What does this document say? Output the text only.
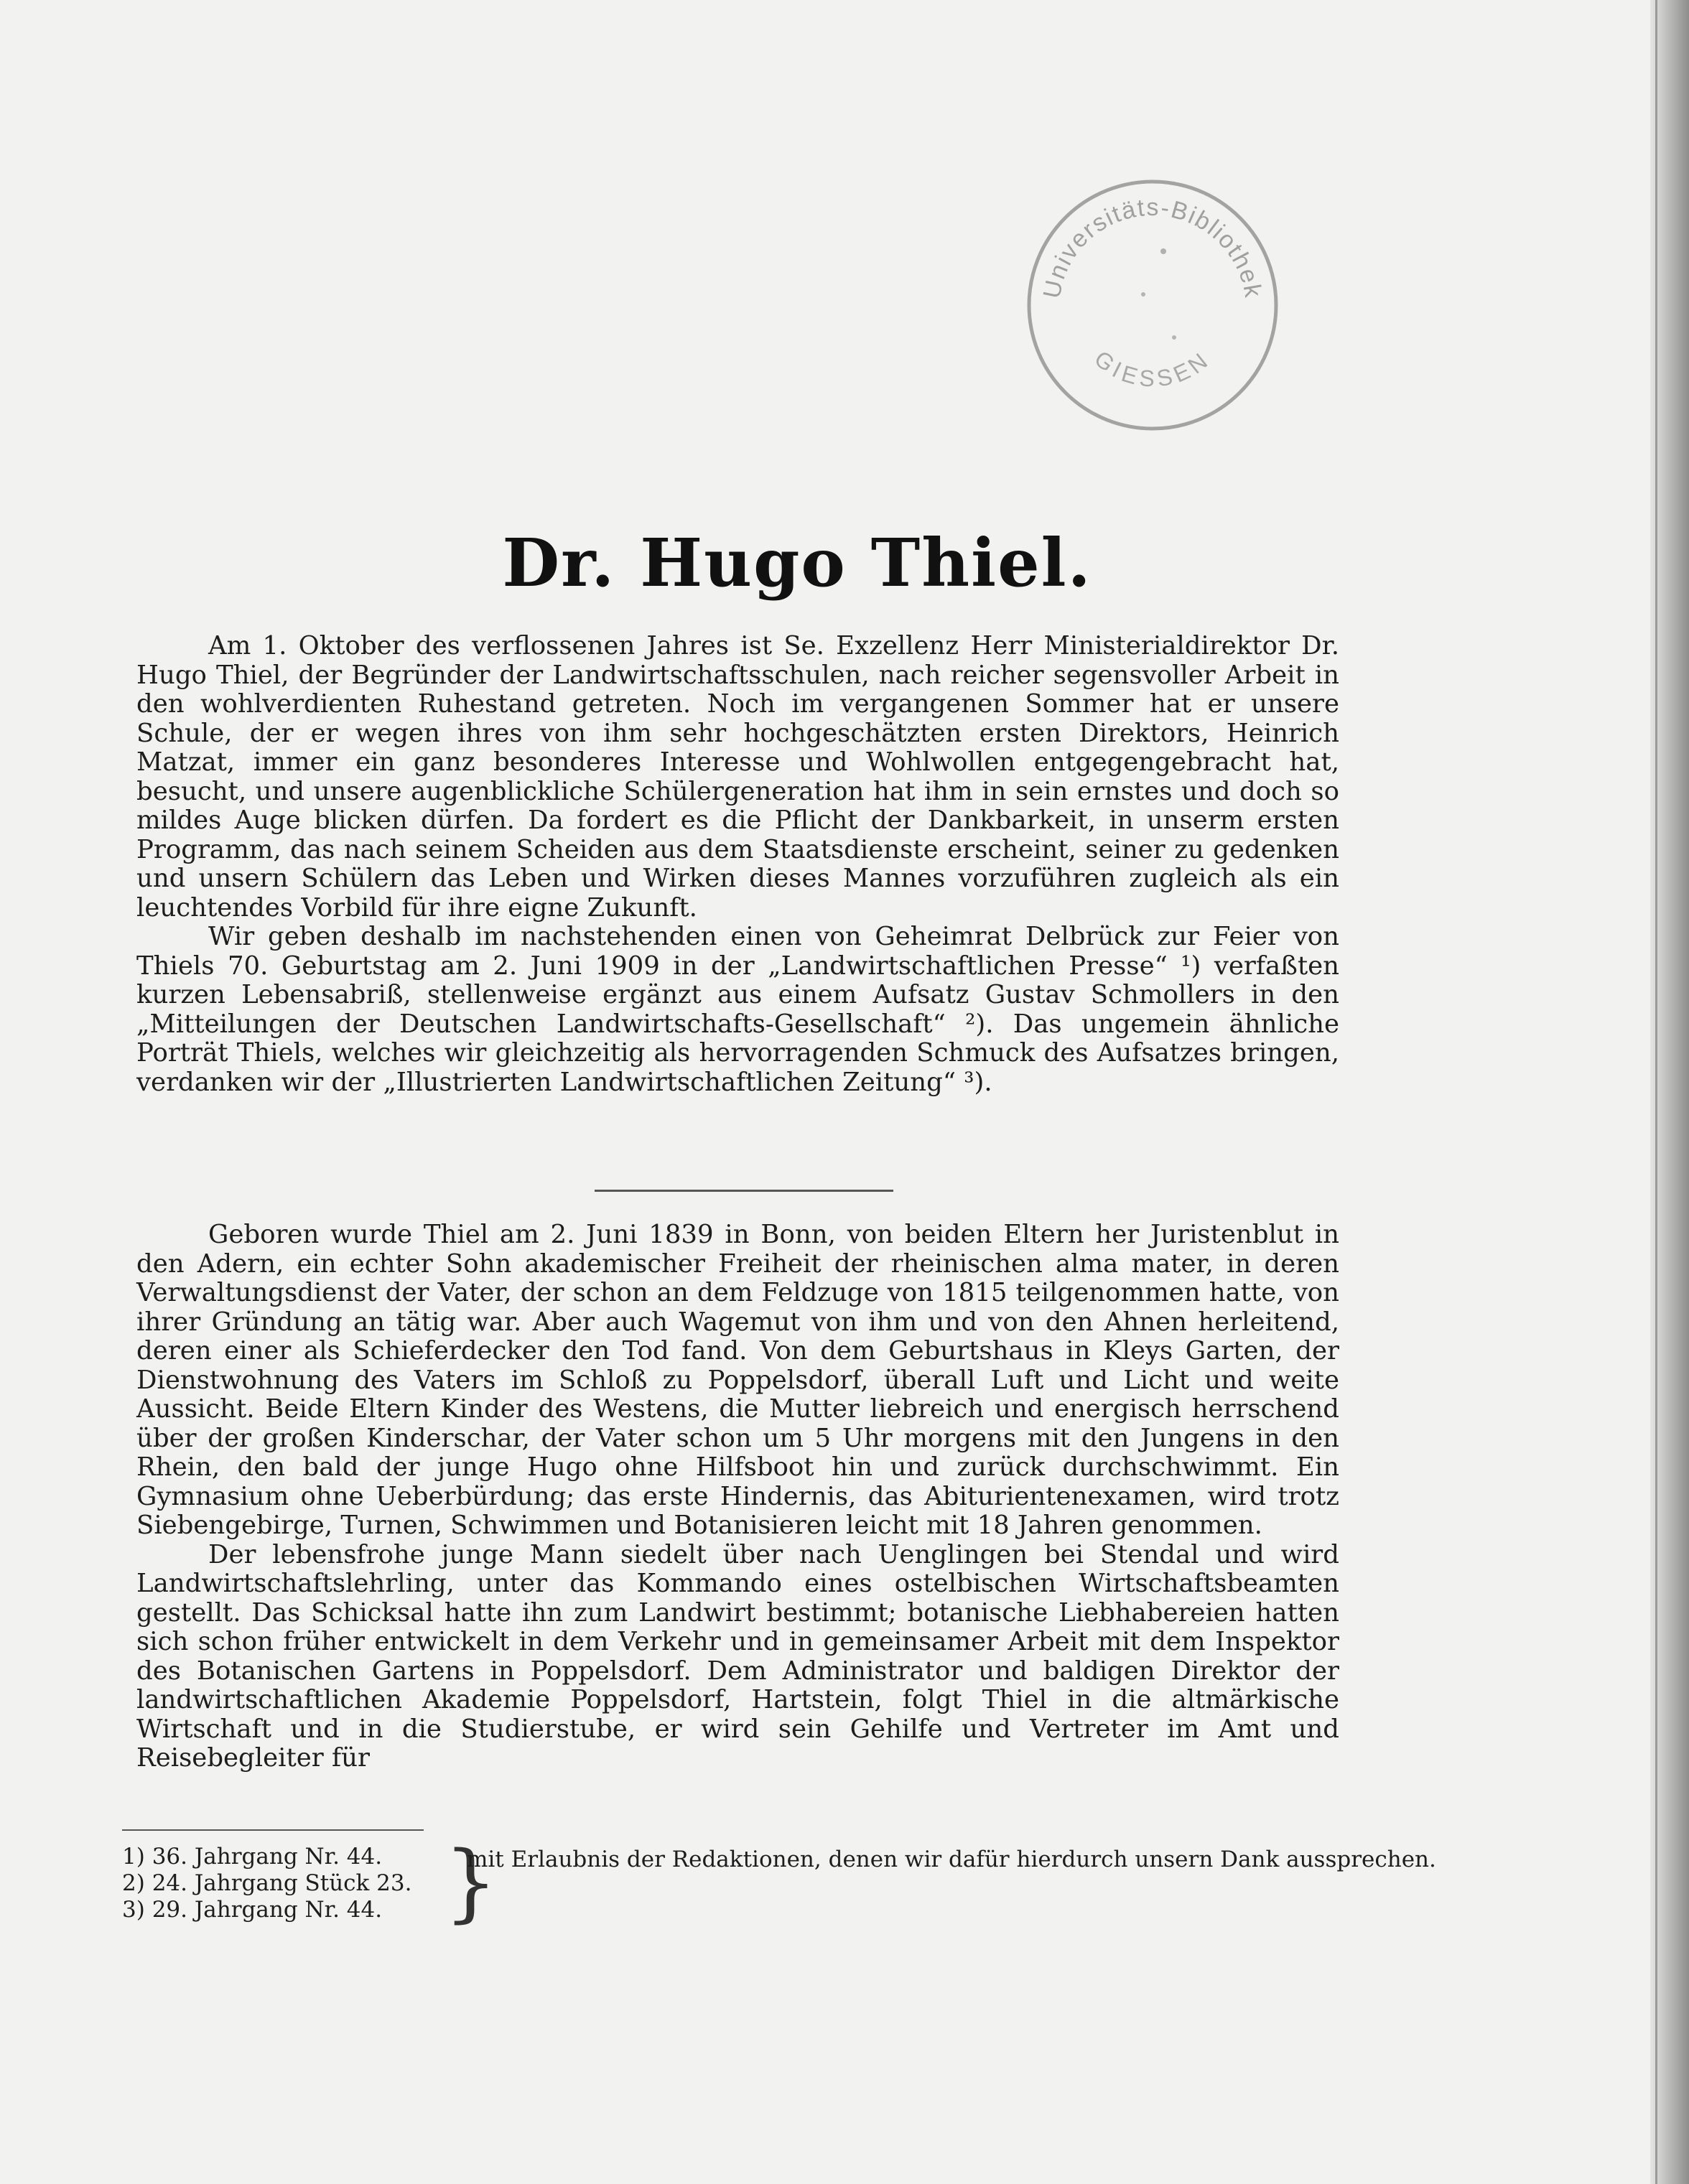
Universitäts-Bibliothek
GIESSEN
Dr. Hugo Thiel.

Am 1. Oktober des verflossenen Jahres ist Se. Exzellenz Herr Ministerialdirektor Dr. Hugo Thiel, der Begründer der Landwirtschaftsschulen, nach reicher segensvoller Arbeit in den wohlverdienten Ruhestand getreten. Noch im vergangenen Sommer hat er unsere Schule, der er wegen ihres von ihm sehr hochgeschätzten ersten Direktors, Heinrich Matzat, immer ein ganz besonderes Interesse und Wohlwollen entgegengebracht hat, besucht, und unsere augenblickliche Schülergeneration hat ihm in sein ernstes und doch so mildes Auge blicken dürfen. Da fordert es die Pflicht der Dankbarkeit, in unserm ersten Programm, das nach seinem Scheiden aus dem Staatsdienste erscheint, seiner zu gedenken und unsern Schülern das Leben und Wirken dieses Mannes vorzuführen zugleich als ein leuchtendes Vorbild für ihre eigne Zukunft.

Wir geben deshalb im nachstehenden einen von Geheimrat Delbrück zur Feier von Thiels 70. Geburtstag am 2. Juni 1909 in der „Landwirtschaftlichen Presse“ ¹) verfaßten kurzen Lebensabriß, stellenweise ergänzt aus einem Aufsatz Gustav Schmollers in den „Mitteilungen der Deutschen Landwirtschafts-Gesellschaft“ ²). Das ungemein ähnliche Porträt Thiels, welches wir gleichzeitig als hervorragenden Schmuck des Aufsatzes bringen, verdanken wir der „Illustrierten Landwirtschaftlichen Zeitung“ ³).

Geboren wurde Thiel am 2. Juni 1839 in Bonn, von beiden Eltern her Juristenblut in den Adern, ein echter Sohn akademischer Freiheit der rheinischen alma mater, in deren Verwaltungsdienst der Vater, der schon an dem Feldzuge von 1815 teilgenommen hatte, von ihrer Gründung an tätig war. Aber auch Wagemut von ihm und von den Ahnen herleitend, deren einer als Schieferdecker den Tod fand. Von dem Geburtshaus in Kleys Garten, der Dienstwohnung des Vaters im Schloß zu Poppelsdorf, überall Luft und Licht und weite Aussicht. Beide Eltern Kinder des Westens, die Mutter liebreich und energisch herrschend über der großen Kinderschar, der Vater schon um 5 Uhr morgens mit den Jungens in den Rhein, den bald der junge Hugo ohne Hilfsboot hin und zurück durchschwimmt. Ein Gymnasium ohne Ueberbürdung; das erste Hindernis, das Abiturientenexamen, wird trotz Siebengebirge, Turnen, Schwimmen und Botanisieren leicht mit 18 Jahren genommen.

Der lebensfrohe junge Mann siedelt über nach Uenglingen bei Stendal und wird Landwirtschaftslehrling, unter das Kommando eines ostelbischen Wirtschaftsbeamten gestellt. Das Schicksal hatte ihn zum Landwirt bestimmt; botanische Liebhabereien hatten sich schon früher entwickelt in dem Verkehr und in gemeinsamer Arbeit mit dem Inspektor des Botanischen Gartens in Poppelsdorf. Dem Administrator und baldigen Direktor der landwirtschaftlichen Akademie Poppelsdorf, Hartstein, folgt Thiel in die altmärkische Wirtschaft und in die Studierstube, er wird sein Gehilfe und Vertreter im Amt und Reisebegleiter für

1) 36. Jahrgang Nr. 44.
2) 24. Jahrgang Stück 23.
3) 29. Jahrgang Nr. 44. }
mit Erlaubnis der Redaktionen, denen wir dafür hierdurch unsern Dank aussprechen.
